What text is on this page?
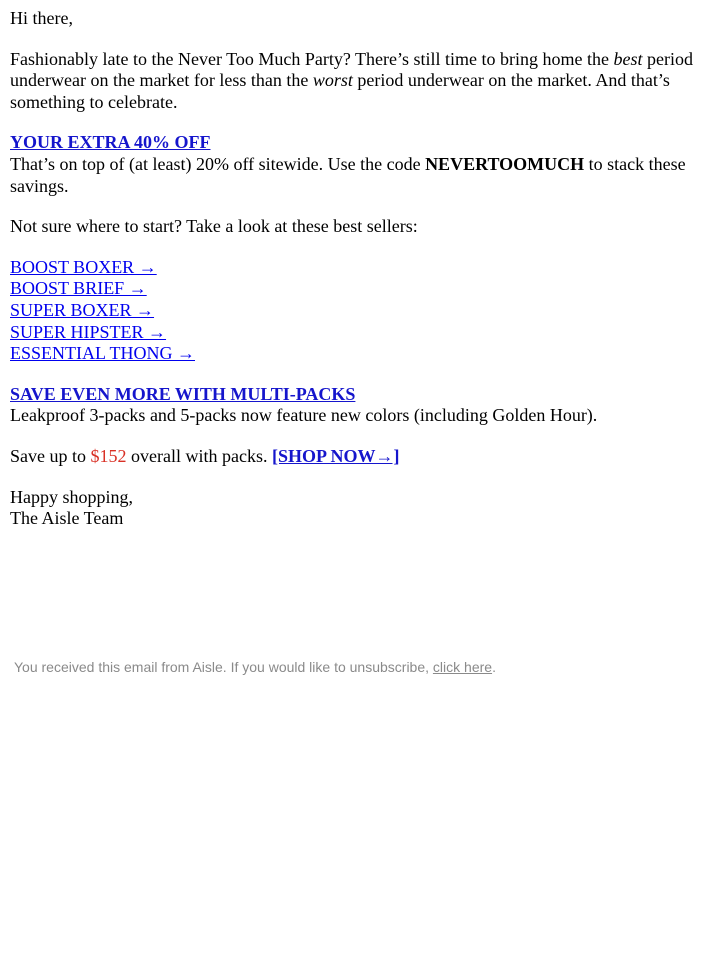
Hi there,

Fashionably late to the Never Too Much Party? There’s still time to bring home the best period underwear on the market for less than the worst period underwear on the market. And that’s something to celebrate.

YOUR EXTRA 40% OFF
That’s on top of (at least) 20% off sitewide. Use the code NEVERTOOMUCH to stack these savings.

Not sure where to start? Take a look at these best sellers:

BOOST BOXER →
BOOST BRIEF →
SUPER BOXER →
SUPER HIPSTER →
ESSENTIAL THONG →
SAVE EVEN MORE WITH MULTI-PACKS
Leakproof 3-packs and 5-packs now feature new colors (including Golden Hour).

Save up to $152 overall with packs. [SHOP NOW→]

Happy shopping,
The Aisle Team
You received this email from Aisle. If you would like to unsubscribe, click here.
